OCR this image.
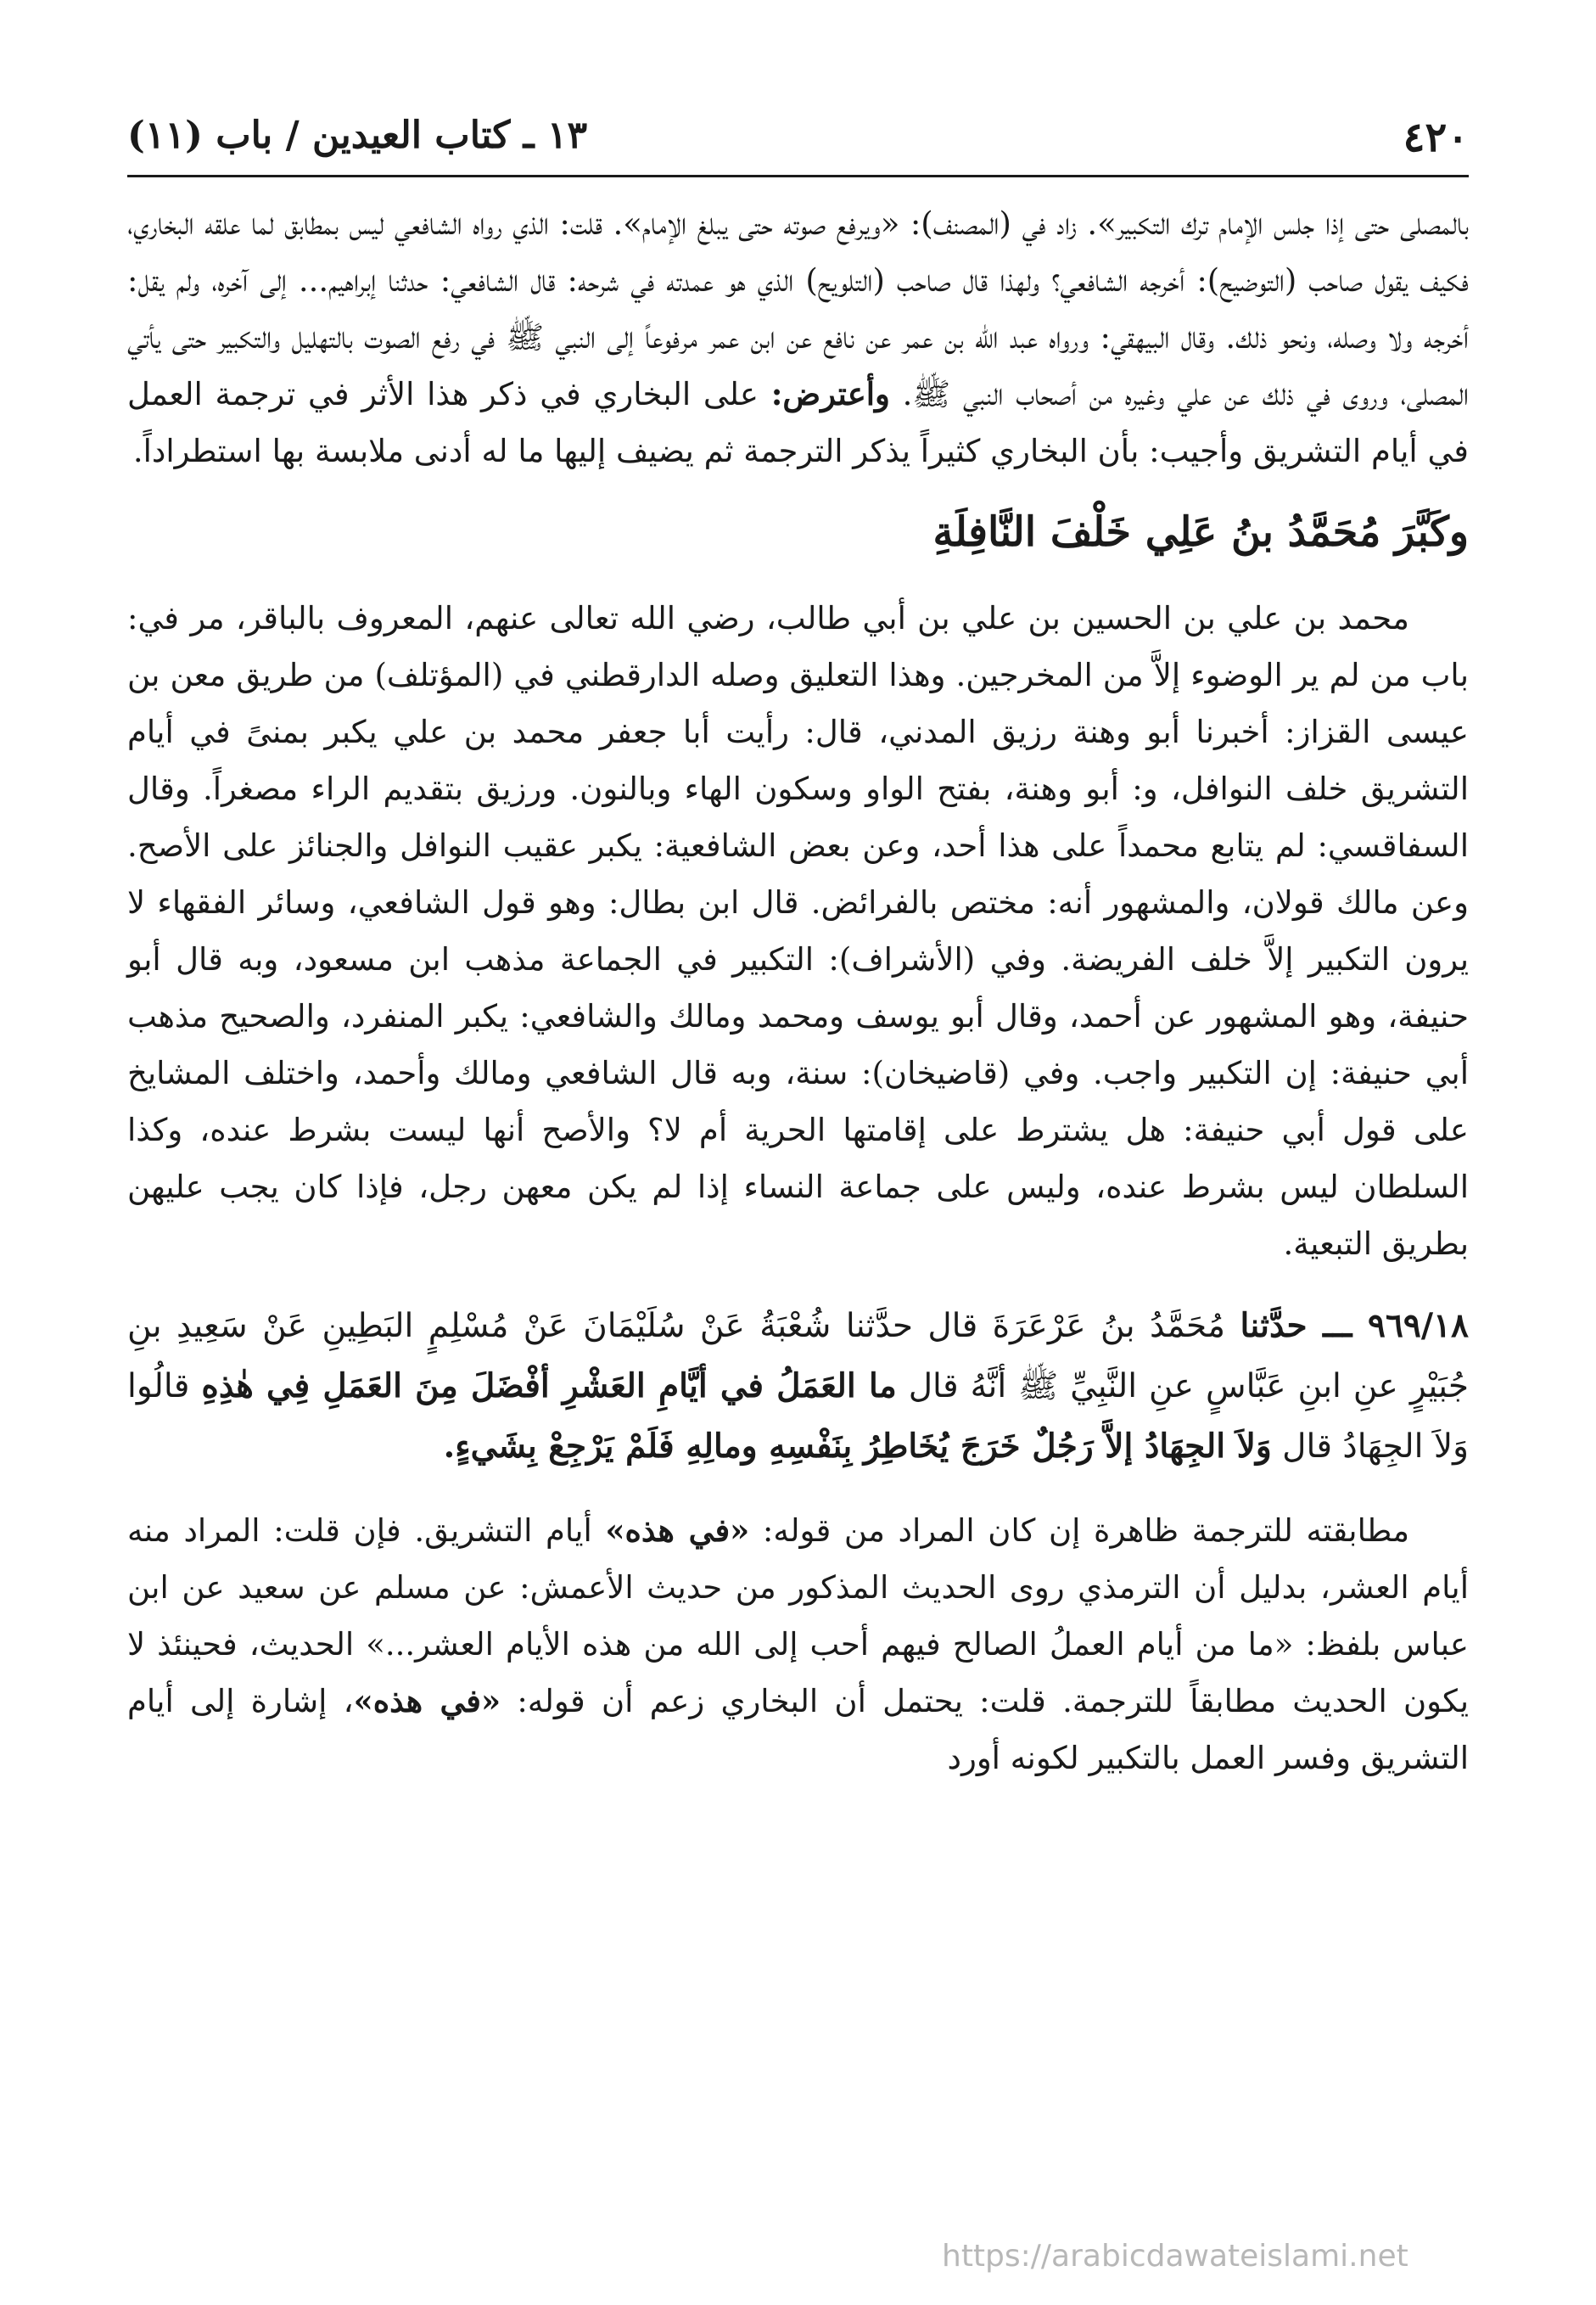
١٣ ـ كتاب العيدين / باب (١١)	٤٢٠

بالمصلى حتى إذا جلس الإمام ترك التكبير». زاد في (المصنف): «ويرفع صوته حتى يبلغ الإمام». قلت: الذي رواه الشافعي ليس بمطابق لما علقه البخاري، فكيف يقول صاحب (التوضيح): أخرجه الشافعي؟ ولهذا قال صاحب (التلويح) الذي هو عمدته في شرحه: قال الشافعي: حدثنا إبراهيم... إلى آخره، ولم يقل: أخرجه ولا وصله، ونحو ذلك. وقال البيهقي: ورواه عبد الله بن عمر عن نافع عن ابن عمر مرفوعاً إلى النبي ﷺ في رفع الصوت بالتهليل والتكبير حتى يأتي المصلى، وروى في ذلك عن علي وغيره من أصحاب النبي ﷺ. وأعترض: على البخاري في ذكر هذا الأثر في ترجمة العمل في أيام التشريق وأجيب: بأن البخاري كثيراً يذكر الترجمة ثم يضيف إليها ما له أدنى ملابسة بها استطراداً.

وكَبَّرَ مُحَمَّدُ بنُ عَلِي خَلْفَ النَّافِلَةِ

محمد بن علي بن الحسين بن علي بن أبي طالب، رضي الله تعالى عنهم، المعروف بالباقر، مر في: باب من لم ير الوضوء إلاَّ من المخرجين. وهذا التعليق وصله الدارقطني في (المؤتلف) من طريق معن بن عيسى القزاز: أخبرنا أبو وهنة رزيق المدني، قال: رأيت أبا جعفر محمد بن علي يكبر بمنىً في أيام التشريق خلف النوافل، و: أبو وهنة، بفتح الواو وسكون الهاء وبالنون. ورزيق بتقديم الراء مصغراً. وقال السفاقسي: لم يتابع محمداً على هذا أحد، وعن بعض الشافعية: يكبر عقيب النوافل والجنائز على الأصح. وعن مالك قولان، والمشهور أنه: مختص بالفرائض. قال ابن بطال: وهو قول الشافعي، وسائر الفقهاء لا يرون التكبير إلاَّ خلف الفريضة. وفي (الأشراف): التكبير في الجماعة مذهب ابن مسعود، وبه قال أبو حنيفة، وهو المشهور عن أحمد، وقال أبو يوسف ومحمد ومالك والشافعي: يكبر المنفرد، والصحيح مذهب أبي حنيفة: إن التكبير واجب. وفي (قاضيخان): سنة، وبه قال الشافعي ومالك وأحمد، واختلف المشايخ على قول أبي حنيفة: هل يشترط على إقامتها الحرية أم لا؟ والأصح أنها ليست بشرط عنده، وكذا السلطان ليس بشرط عنده، وليس على جماعة النساء إذا لم يكن معهن رجل، فإذا كان يجب عليهن بطريق التبعية.

٩٦٩/١٨ ـــ حدَّثنا مُحَمَّدُ بنُ عَرْعَرَةَ قال حدَّثنا شُعْبَةُ عَنْ سُلَيْمَانَ عَنْ مُسْلِمٍ البَطِينِ عَنْ سَعِيدِ بنِ جُبَيْرٍ عنِ ابنِ عَبَّاسٍ عنِ النَّبِيِّ ﷺ أنَّهُ قال ما العَمَلُ في أيَّامِ العَشْرِ أفْضَلَ مِنَ العَمَلِ فِي هٰذِهِ قالُوا وَلاَ الجِهَادُ قال وَلاَ الجِهَادُ إلاَّ رَجُلٌ خَرَجَ يُخَاطِرُ بِنَفْسِهِ ومالِهِ فَلَمْ يَرْجِعْ بِشَيءٍ.

مطابقته للترجمة ظاهرة إن كان المراد من قوله: «في هذه» أيام التشريق. فإن قلت: المراد منه أيام العشر، بدليل أن الترمذي روى الحديث المذكور من حديث الأعمش: عن مسلم عن سعيد عن ابن عباس بلفظ: «ما من أيام العملُ الصالح فيهم أحب إلى الله من هذه الأيام العشر...» الحديث، فحينئذ لا يكون الحديث مطابقاً للترجمة. قلت: يحتمل أن البخاري زعم أن قوله: «في هذه»، إشارة إلى أيام التشريق وفسر العمل بالتكبير لكونه أورد

https://arabicdawateislami.net
